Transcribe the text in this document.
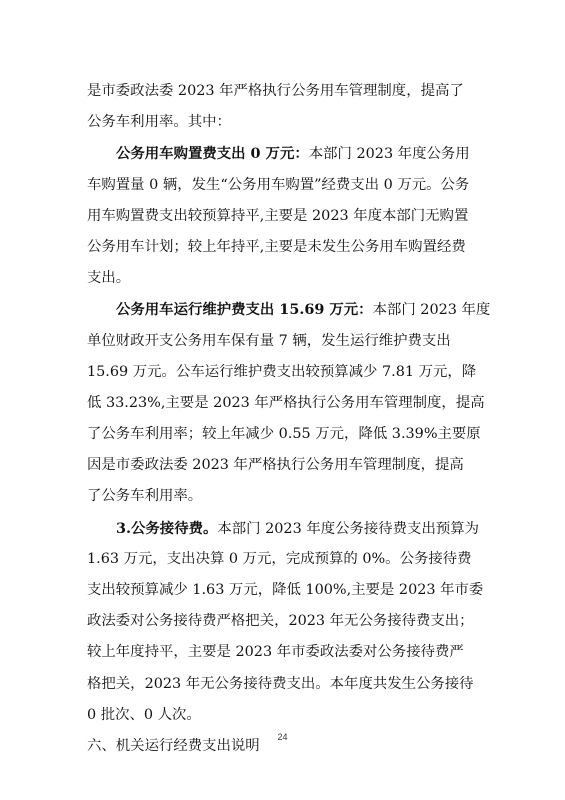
是市委政法委 2023 年严格执行公务用车管理制度，提高了
公务车利用率。其中：
公务用车购置费支出 0 万元：本部门 2023 年度公务用
车购置量 0 辆，发生“公务用车购置”经费支出 0 万元。公务
用车购置费支出较预算持平,主要是 2023 年度本部门无购置
公务用车计划；较上年持平,主要是未发生公务用车购置经费
支出。
公务用车运行维护费支出 15.69 万元：本部门 2023 年度
单位财政开支公务用车保有量 7 辆，发生运行维护费支出
15.69 万元。公车运行维护费支出较预算减少 7.81 万元，降
低 33.23%,主要是 2023 年严格执行公务用车管理制度，提高
了公务车利用率；较上年减少 0.55 万元，降低 3.39%主要原
因是市委政法委 2023 年严格执行公务用车管理制度，提高
了公务车利用率。
3.公务接待费。本部门 2023 年度公务接待费支出预算为
1.63 万元，支出决算 0 万元，完成预算的 0%。公务接待费
支出较预算减少 1.63 万元，降低 100%,主要是 2023 年市委
政法委对公务接待费严格把关，2023 年无公务接待费支出；
较上年度持平，主要是 2023 年市委政法委对公务接待费严
格把关，2023 年无公务接待费支出。本年度共发生公务接待
0 批次、0 人次。
六、机关运行经费支出说明
24
